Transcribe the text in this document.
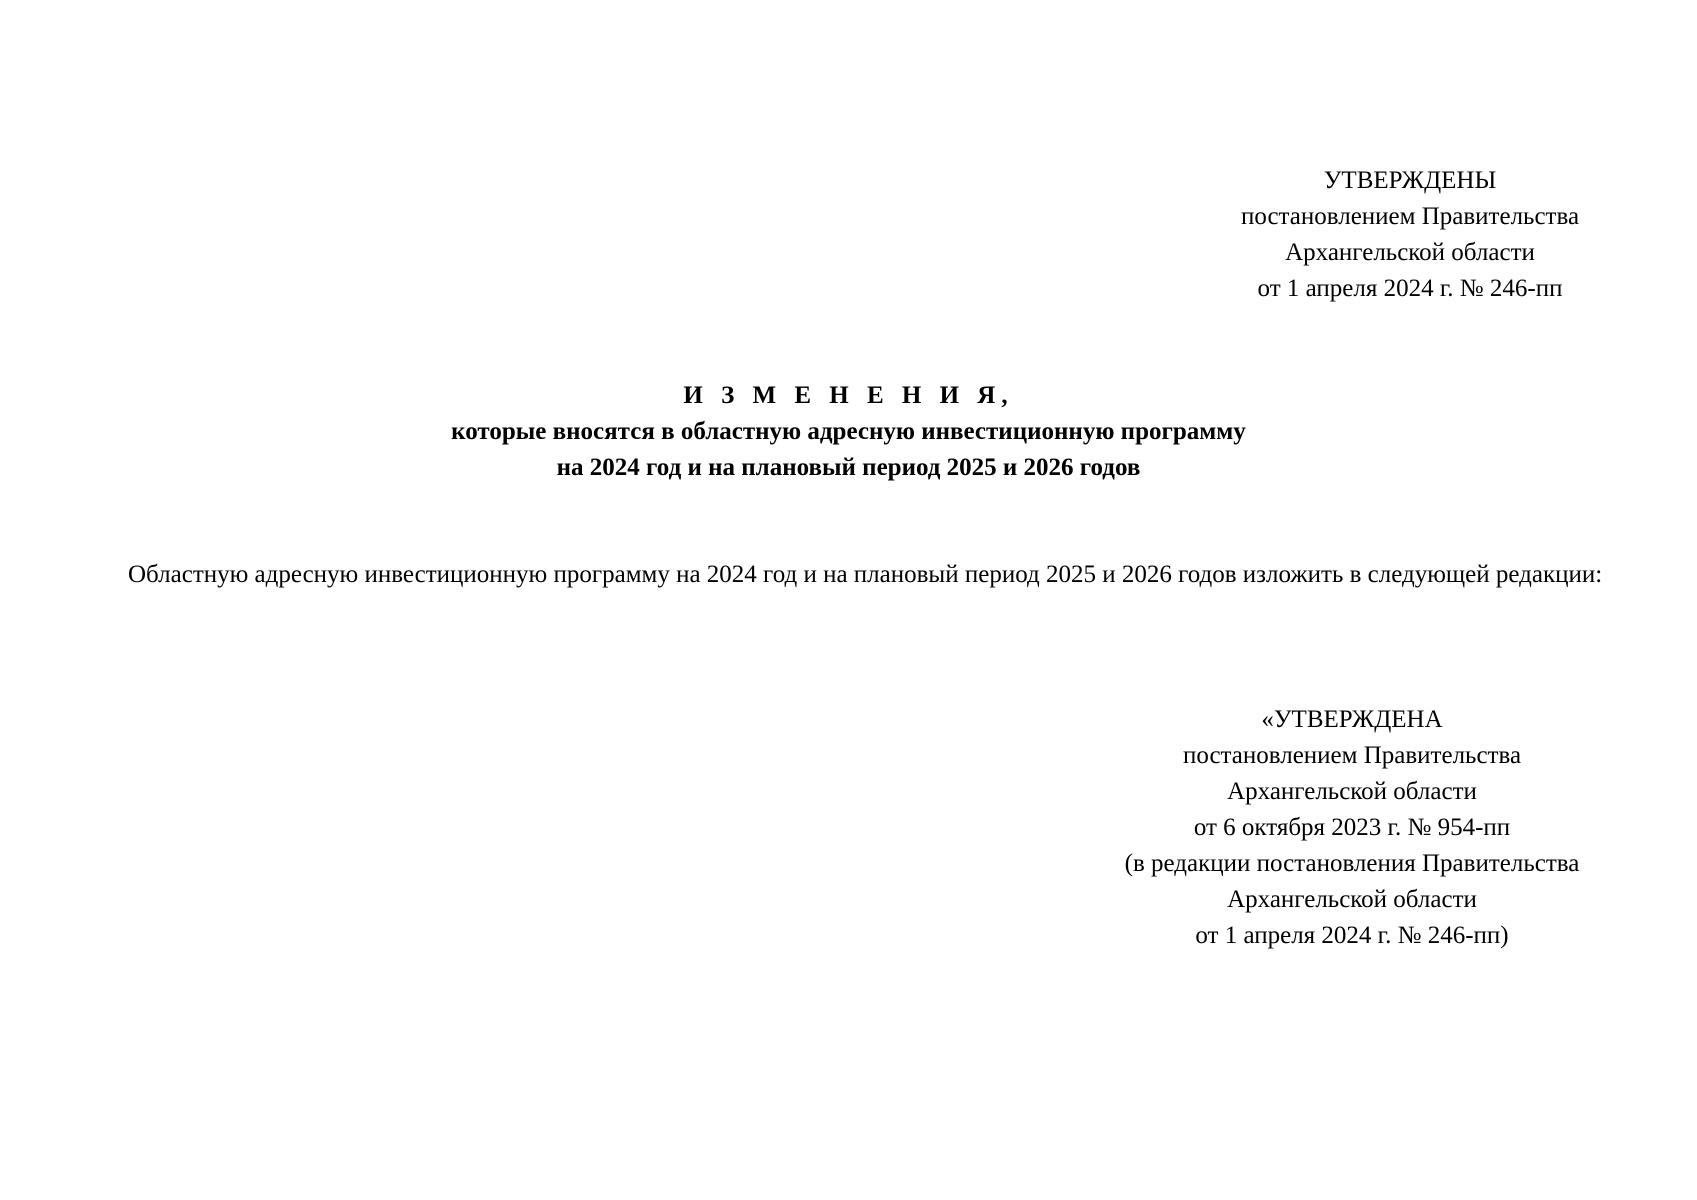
УТВЕРЖДЕНЫ
постановлением Правительства
Архангельской области
от 1 апреля 2024 г. № 246-пп
И З М Е Н Е Н И Я,
которые вносятся в областную адресную инвестиционную программу
на 2024 год и на плановый период 2025 и 2026 годов
Областную адресную инвестиционную программу на 2024 год и на плановый период 2025 и 2026 годов изложить в следующей редакции:
«УТВЕРЖДЕНА
постановлением Правительства
Архангельской области
от 6 октября 2023 г. № 954-пп
(в редакции постановления Правительства
Архангельской области
от 1 апреля 2024 г. № 246-пп)
